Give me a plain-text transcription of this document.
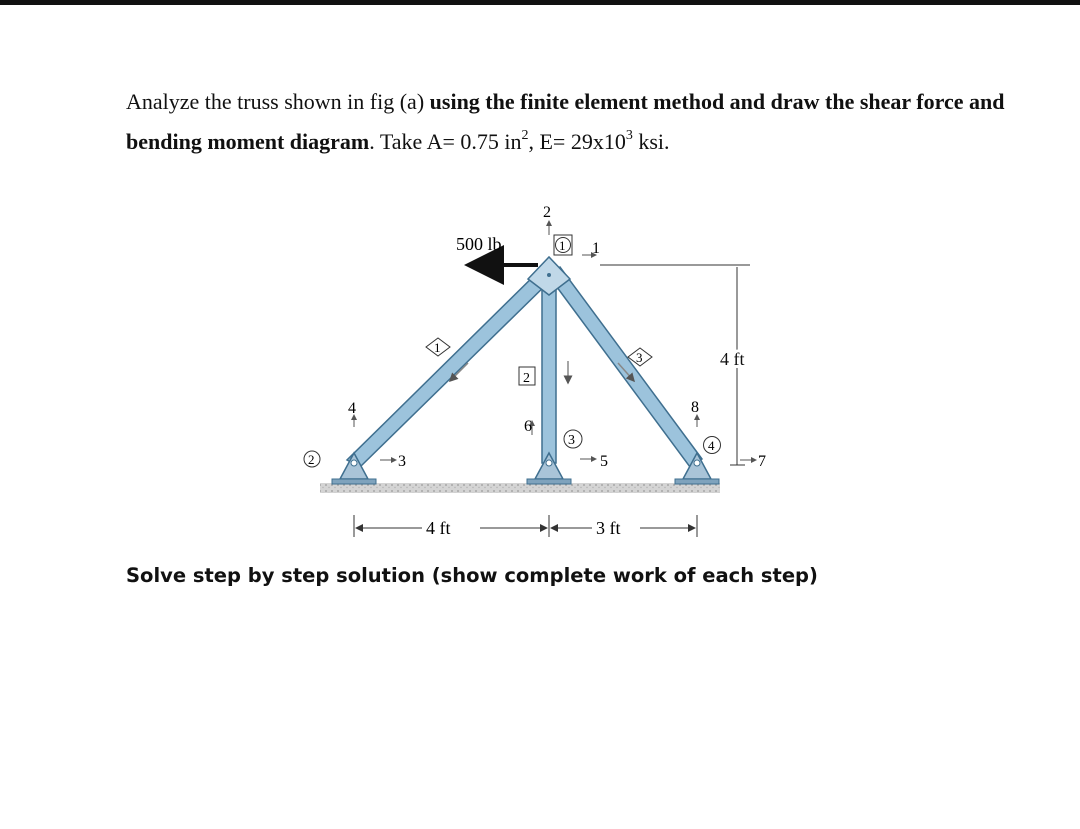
Analyze the truss shown in fig (a) using the finite element method and draw the shear force and bending moment diagram. Take A= 0.75 $in^2$, $E= 29x10^3$ ksi.

500 lb
2
1
1
4 ft
1
2
3
2
4
3
3
6
5
4
8
7
4 ft	3 ft

Solve step by step solution (show complete work of each step)
